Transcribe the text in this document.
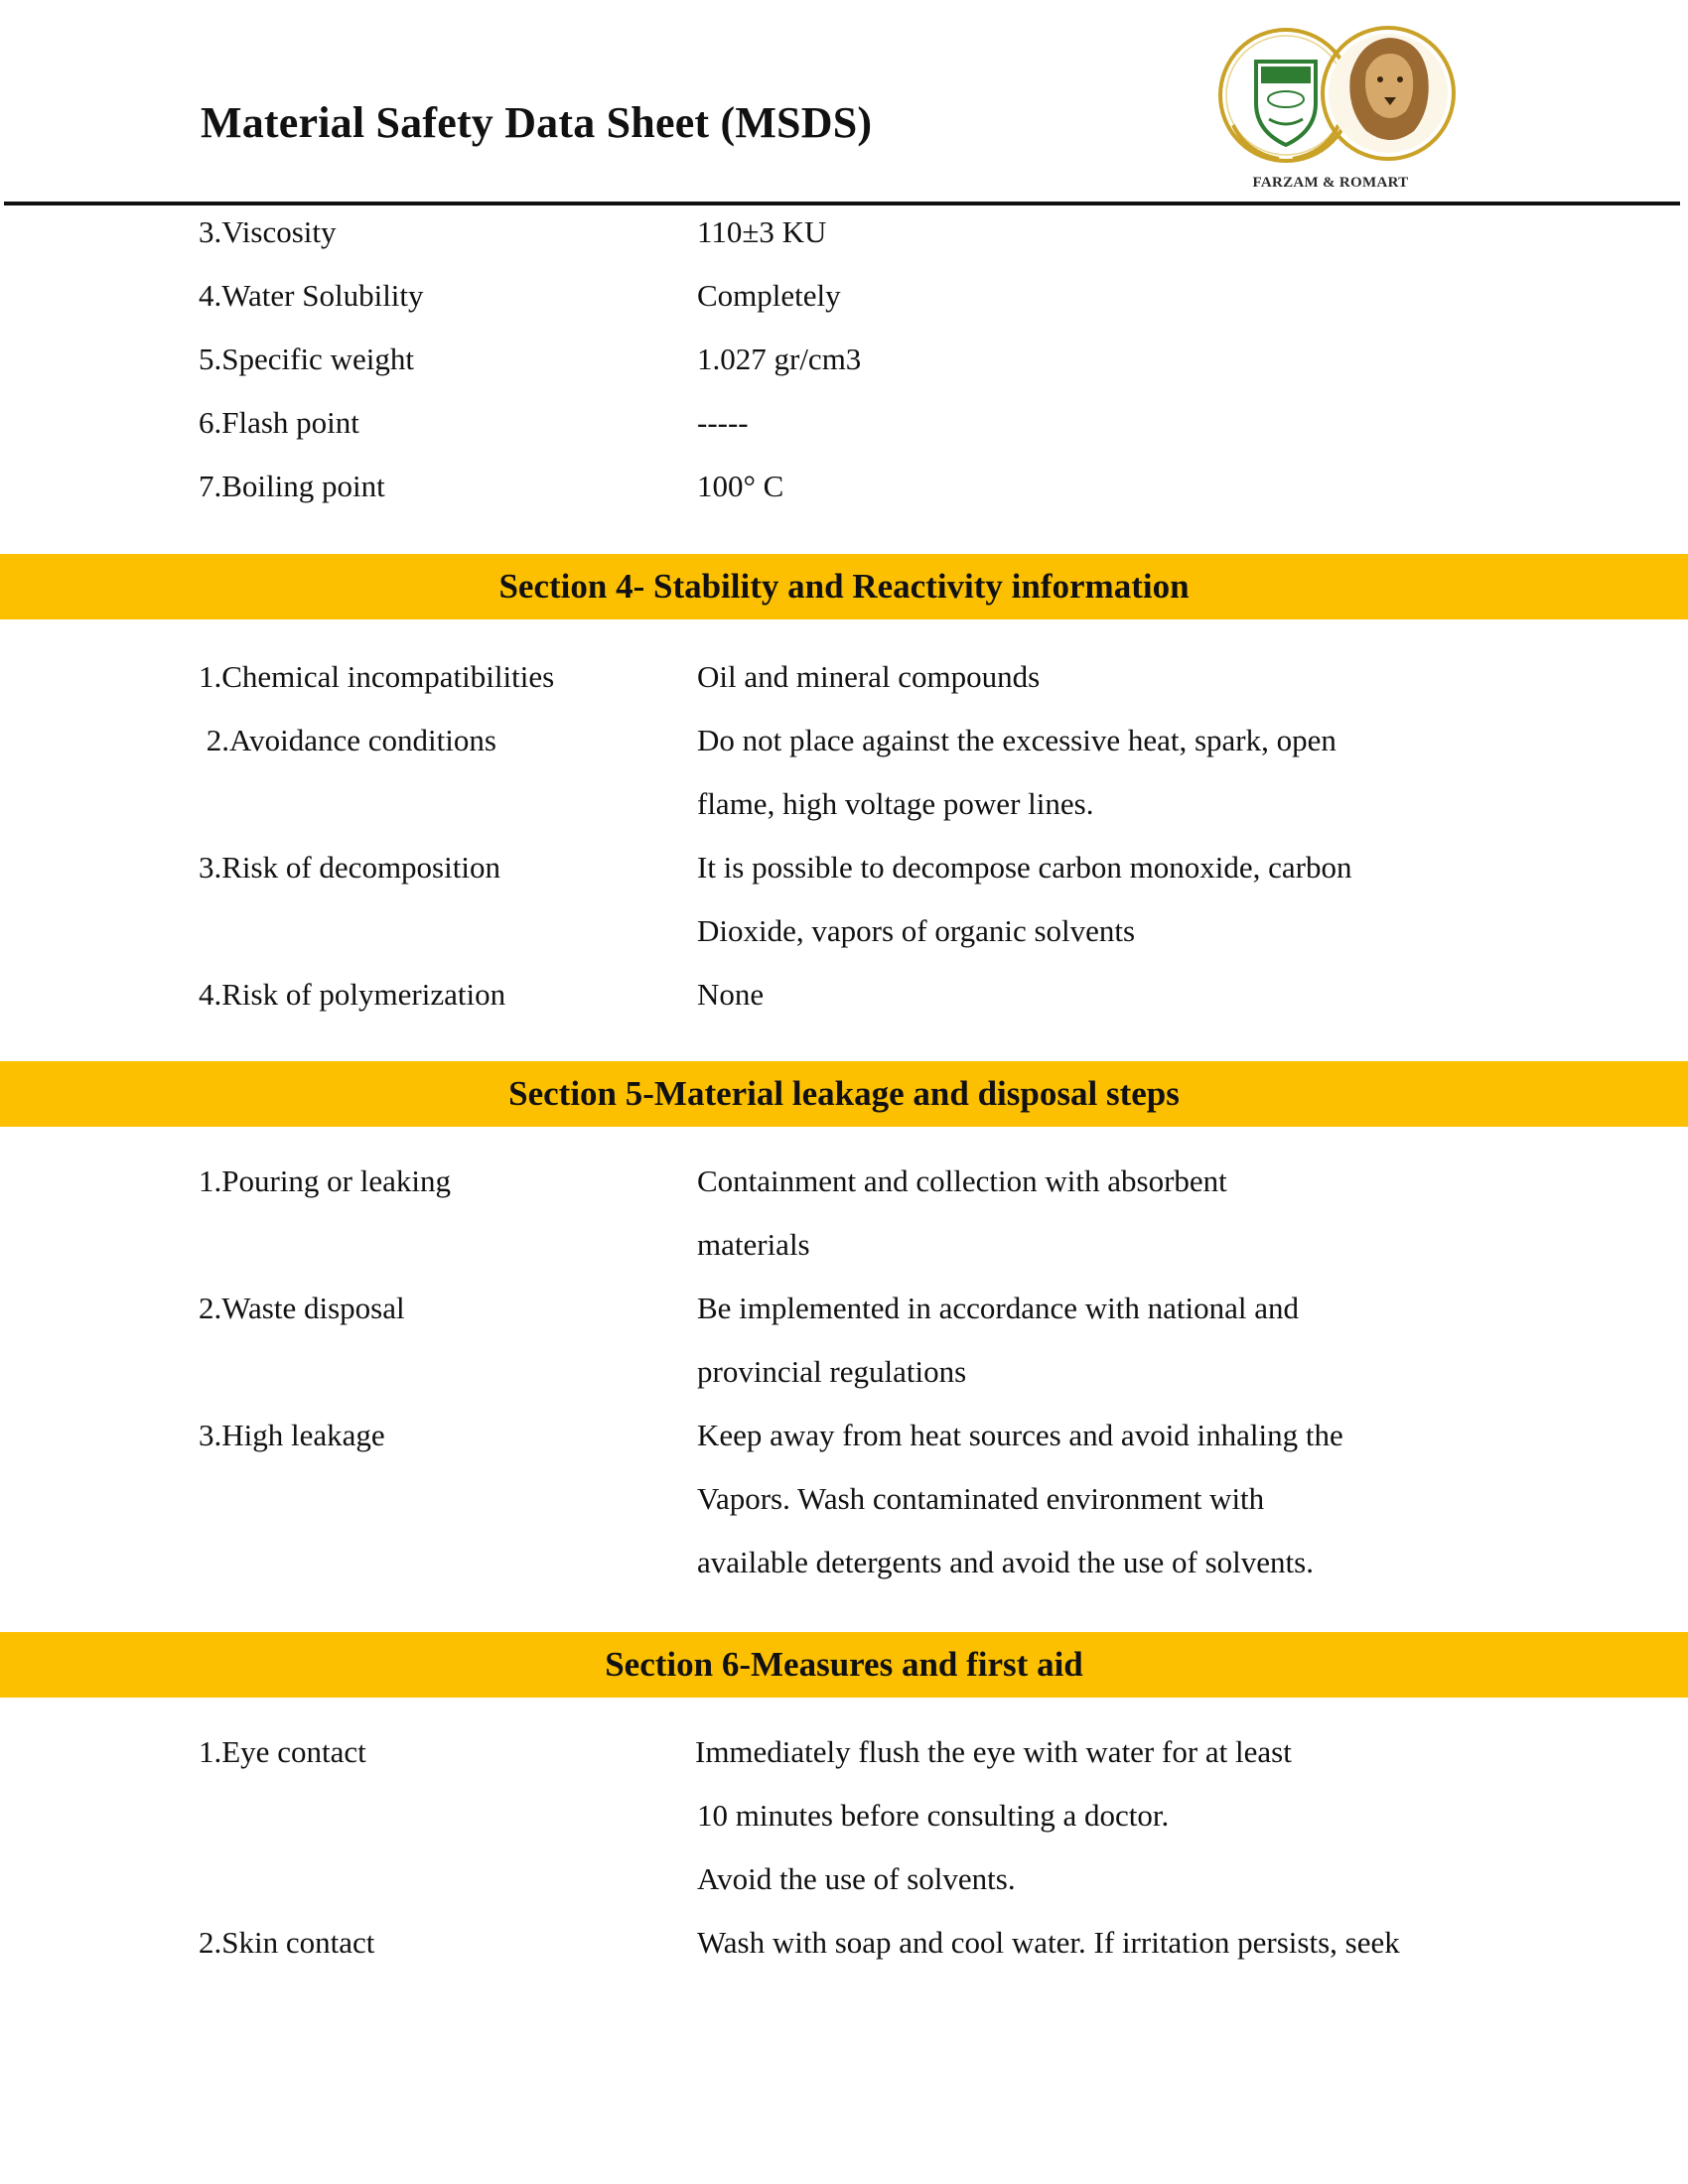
Material Safety Data Sheet (MSDS)
FARZAM & ROMART
3.Viscosity	110±3 KU
4.Water Solubility	Completely
5.Specific weight	1.027 gr/cm3
6.Flash point	-----
7.Boiling point	100° C
Section 4- Stability and Reactivity information
1.Chemical incompatibilities	Oil and mineral compounds
2.Avoidance conditions	Do not place against the excessive heat, spark, open
flame, high voltage power lines.
3.Risk of decomposition	It is possible to decompose carbon monoxide, carbon
Dioxide, vapors of organic solvents
4.Risk of polymerization	None
Section 5-Material leakage and disposal steps
1.Pouring or leaking	Containment and collection with absorbent
materials
2.Waste disposal	Be implemented in accordance with national and
provincial regulations
3.High leakage	Keep away from heat sources and avoid inhaling the
Vapors. Wash contaminated environment with
available detergents and avoid the use of solvents.
Section 6-Measures and first aid
1.Eye contact	Immediately flush the eye with water for at least
10 minutes before consulting a doctor.
Avoid the use of solvents.
2.Skin contact	Wash with soap and cool water. If irritation persists, seek
